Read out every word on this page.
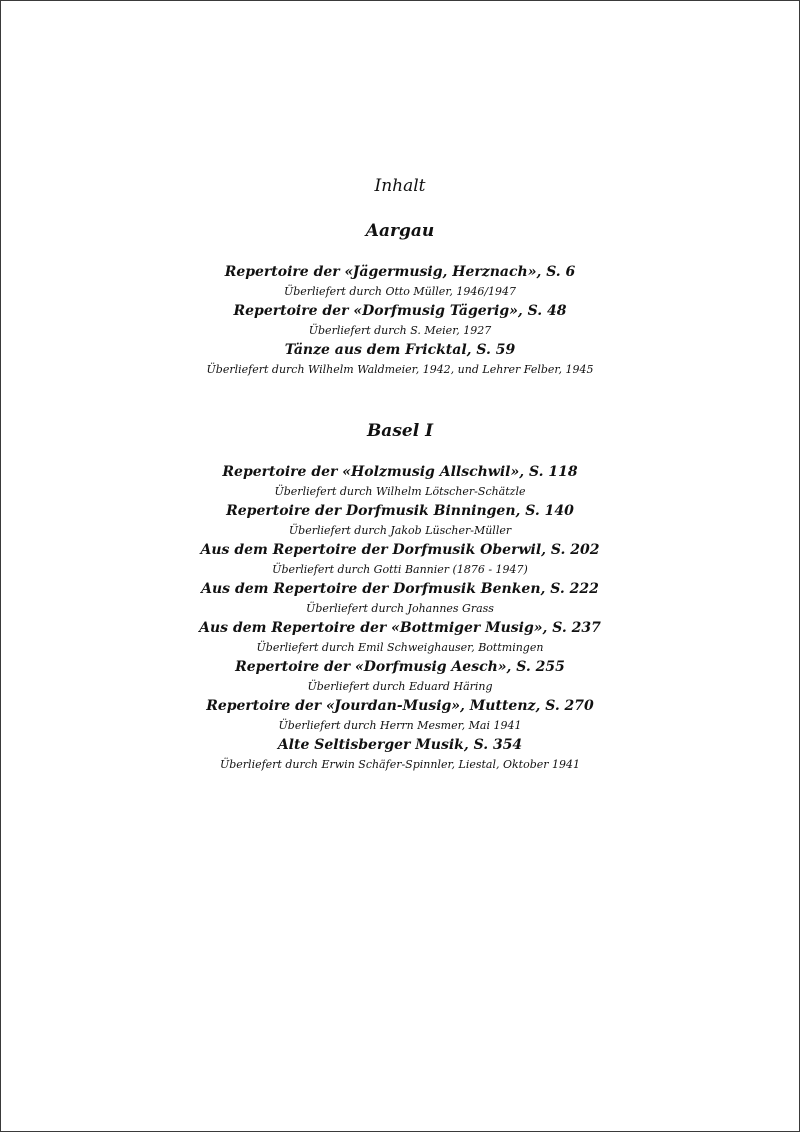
Inhalt
Aargau
Repertoire der «Jägermusig, Herznach», S. 6
Überliefert durch Otto Müller, 1946/1947
Repertoire der «Dorfmusig Tägerig», S. 48
Überliefert durch S. Meier, 1927
Tänze aus dem Fricktal, S. 59
Überliefert durch Wilhelm Waldmeier, 1942, und Lehrer Felber, 1945
Basel I
Repertoire der «Holzmusig Allschwil», S. 118
Überliefert durch Wilhelm Lötscher-Schätzle
Repertoire der Dorfmusik Binningen, S. 140
Überliefert durch Jakob Lüscher-Müller
Aus dem Repertoire der Dorfmusik Oberwil, S. 202
Überliefert durch Gotti Bannier (1876 - 1947)
Aus dem Repertoire der Dorfmusik Benken, S. 222
Überliefert durch Johannes Grass
Aus dem Repertoire der «Bottmiger Musig», S. 237
Überliefert durch Emil Schweighauser, Bottmingen
Repertoire der «Dorfmusig Aesch», S. 255
Überliefert durch Eduard Häring
Repertoire der «Jourdan-Musig», Muttenz, S. 270
Überliefert durch Herrn Mesmer, Mai 1941
Alte Seltisberger Musik, S. 354
Überliefert durch Erwin Schäfer-Spinnler, Liestal, Oktober 1941
